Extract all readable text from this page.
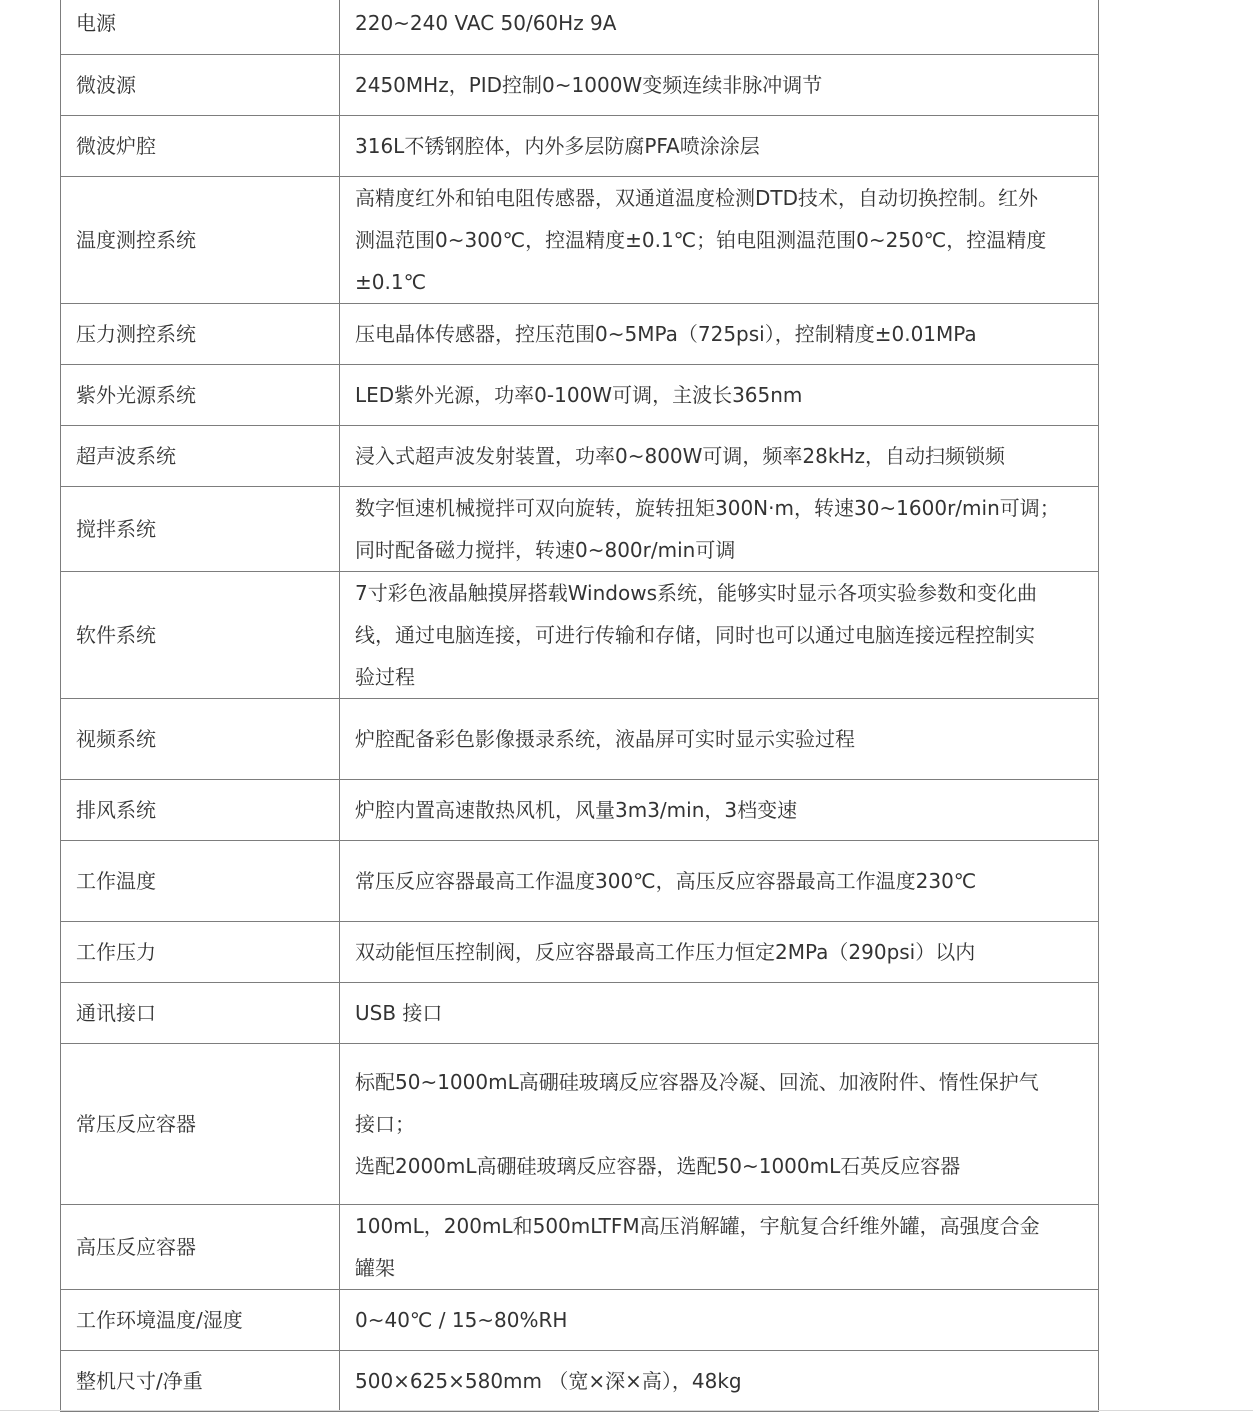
电源	220~240 VAC 50/60Hz 9A

微波源	2450MHz，PID控制0~1000W变频连续非脉冲调节

微波炉腔	316L不锈钢腔体，内外多层防腐PFA喷涂涂层

温度测控系统	高精度红外和铂电阻传感器，双通道温度检测DTD技术，自动切换控制。红外
测温范围0~300℃，控温精度±0.1℃；铂电阻测温范围0~250℃，控温精度
±0.1℃

压力测控系统	压电晶体传感器，控压范围0~5MPa（725psi），控制精度±0.01MPa

紫外光源系统	LED紫外光源，功率0-100W可调，主波长365nm

超声波系统	浸入式超声波发射装置，功率0~800W可调，频率28kHz，自动扫频锁频

搅拌系统	数字恒速机械搅拌可双向旋转，旋转扭矩300N·m，转速30~1600r/min可调；
同时配备磁力搅拌，转速0~800r/min可调

软件系统	7寸彩色液晶触摸屏搭载Windows系统，能够实时显示各项实验参数和变化曲
线，通过电脑连接，可进行传输和存储，同时也可以通过电脑连接远程控制实
验过程

视频系统	炉腔配备彩色影像摄录系统，液晶屏可实时显示实验过程

排风系统	炉腔内置高速散热风机，风量3m3/min，3档变速

工作温度	常压反应容器最高工作温度300℃，高压反应容器最高工作温度230℃

工作压力	双动能恒压控制阀，反应容器最高工作压力恒定2MPa（290psi）以内

通讯接口	USB 接口

常压反应容器	标配50~1000mL高硼硅玻璃反应容器及冷凝、回流、加液附件、惰性保护气
接口；
选配2000mL高硼硅玻璃反应容器，选配50~1000mL石英反应容器

高压反应容器	100mL，200mL和500mLTFM高压消解罐，宇航复合纤维外罐，高强度合金
罐架

工作环境温度/湿度	0~40℃ / 15~80%RH

整机尺寸/净重	500×625×580mm （宽×深×高），48kg
